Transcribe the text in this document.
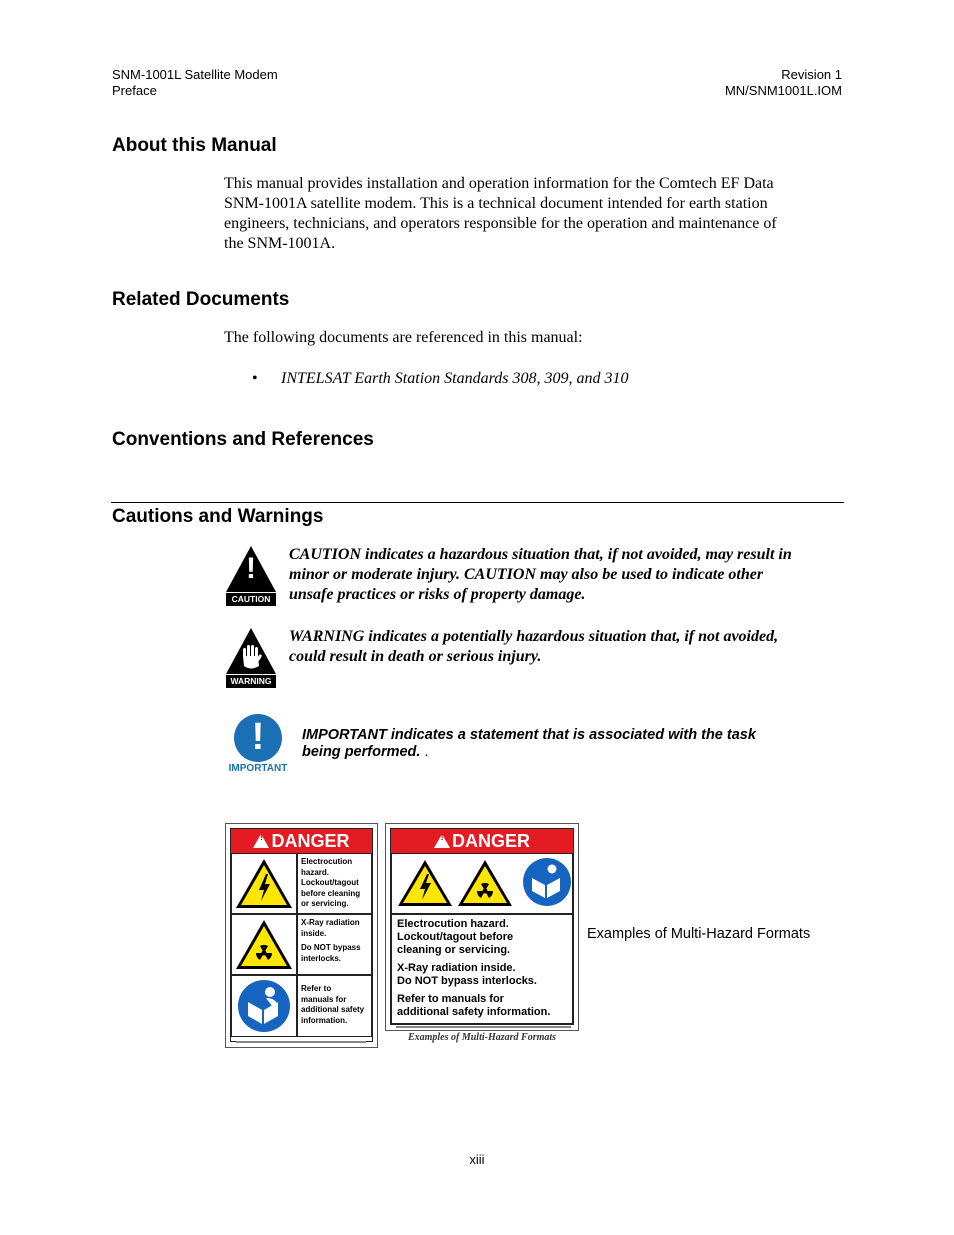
SNM-1001L Satellite Modem
Preface
Revision 1
MN/SNM1001L.IOM
About this Manual
This manual provides installation and operation information for the Comtech EF Data
SNM-1001A satellite modem. This is a technical document intended for earth station
engineers, technicians, and operators responsible for the operation and maintenance of
the SNM-1001A.
Related Documents
The following documents are referenced in this manual:
• INTELSAT Earth Station Standards 308, 309, and 310
Conventions and References
Cautions and Warnings
!
CAUTION
CAUTION indicates a hazardous situation that, if not avoided, may result in
minor or moderate injury. CAUTION may also be used to indicate other
unsafe practices or risks of property damage.
WARNING
WARNING indicates a potentially hazardous situation that, if not avoided,
could result in death or serious injury.
!
IMPORTANT
IMPORTANT indicates a statement that is associated with the task
being performed. .
! DANGER
Electrocution
hazard.
Lockout/tagout
before cleaning
or servicing.
X-Ray radiation
inside.
Do NOT bypass
interlocks.
Refer to
manuals for
additional safety
information.
! DANGER
Electrocution hazard.
Lockout/tagout before
cleaning or servicing.
X-Ray radiation inside.
Do NOT bypass interlocks.
Refer to manuals for
additional safety information.
Examples of Multi-Hazard Formats
Examples of Multi-Hazard Formats
xiii
